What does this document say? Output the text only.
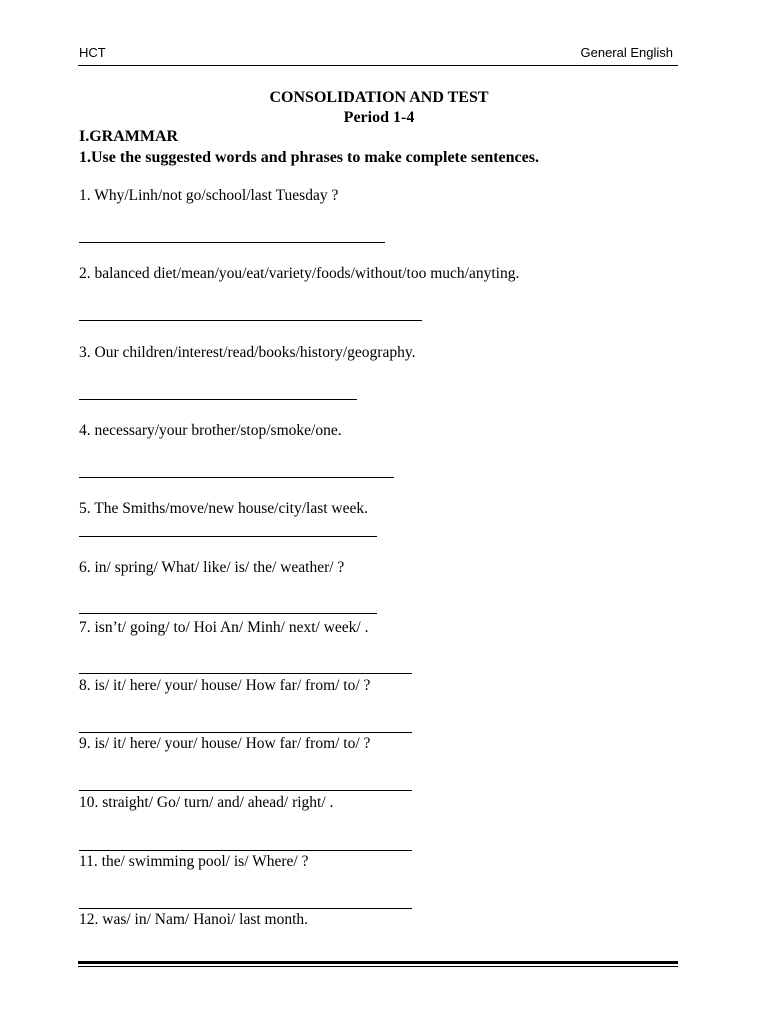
HCT	General English
CONSOLIDATION AND TEST
Period 1-4
I.GRAMMAR
1.Use the suggested words and phrases to make complete sentences.
1. Why/Linh/not go/school/last Tuesday ?
2. balanced diet/mean/you/eat/variety/foods/without/too much/anyting.
3. Our children/interest/read/books/history/geography.
4. necessary/your brother/stop/smoke/one.
5. The Smiths/move/new house/city/last week.
6. in/ spring/ What/ like/ is/ the/ weather/ ?
7. isn’t/ going/ to/ Hoi An/ Minh/ next/ week/ .
8. is/ it/ here/ your/ house/ How far/ from/ to/ ?
9. is/ it/ here/ your/ house/ How far/ from/ to/ ?
10. straight/ Go/ turn/ and/ ahead/ right/ .
11. the/ swimming pool/ is/ Where/ ?
12. was/ in/ Nam/ Hanoi/ last month.
